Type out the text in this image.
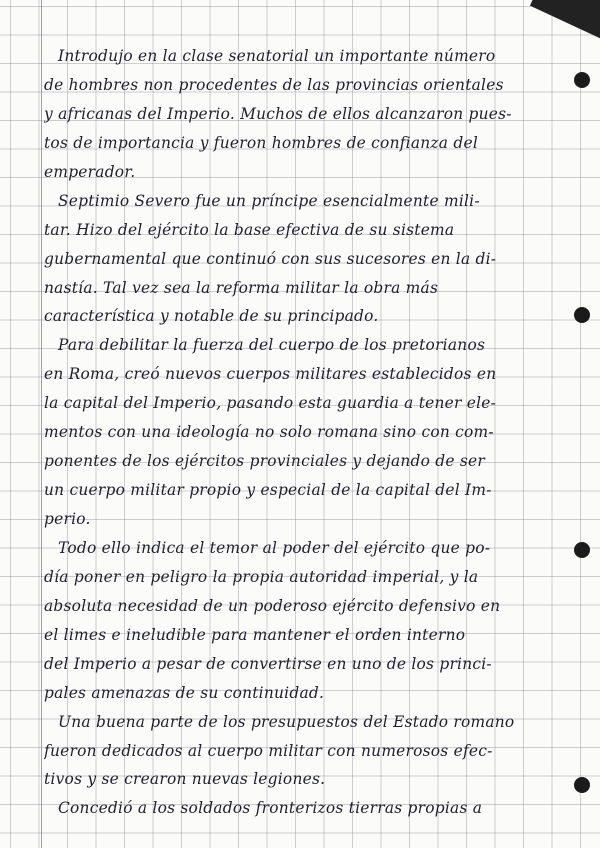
Introdujo en la clase senatorial un importante número
de hombres non procedentes de las provincias orientales
y africanas del Imperio. Muchos de ellos alcanzaron pues-
tos de importancia y fueron hombres de confianza del
emperador.
Septimio Severo fue un príncipe esencialmente mili-
tar. Hizo del ejército la base efectiva de su sistema
gubernamental que continuó con sus sucesores en la di-
nastía. Tal vez sea la reforma militar la obra más
característica y notable de su principado.
Para debilitar la fuerza del cuerpo de los pretorianos
en Roma, creó nuevos cuerpos militares establecidos en
la capital del Imperio, pasando esta guardia a tener ele-
mentos con una ideología no solo romana sino con com-
ponentes de los ejércitos provinciales y dejando de ser
un cuerpo militar propio y especial de la capital del Im-
perio.
Todo ello indica el temor al poder del ejército que po-
día poner en peligro la propia autoridad imperial, y la
absoluta necesidad de un poderoso ejército defensivo en
el limes e ineludible para mantener el orden interno
del Imperio a pesar de convertirse en uno de los princi-
pales amenazas de su continuidad.
Una buena parte de los presupuestos del Estado romano
fueron dedicados al cuerpo militar con numerosos efec-
tivos y se crearon nuevas legiones.
Concedió a los soldados fronterizos tierras propias a
